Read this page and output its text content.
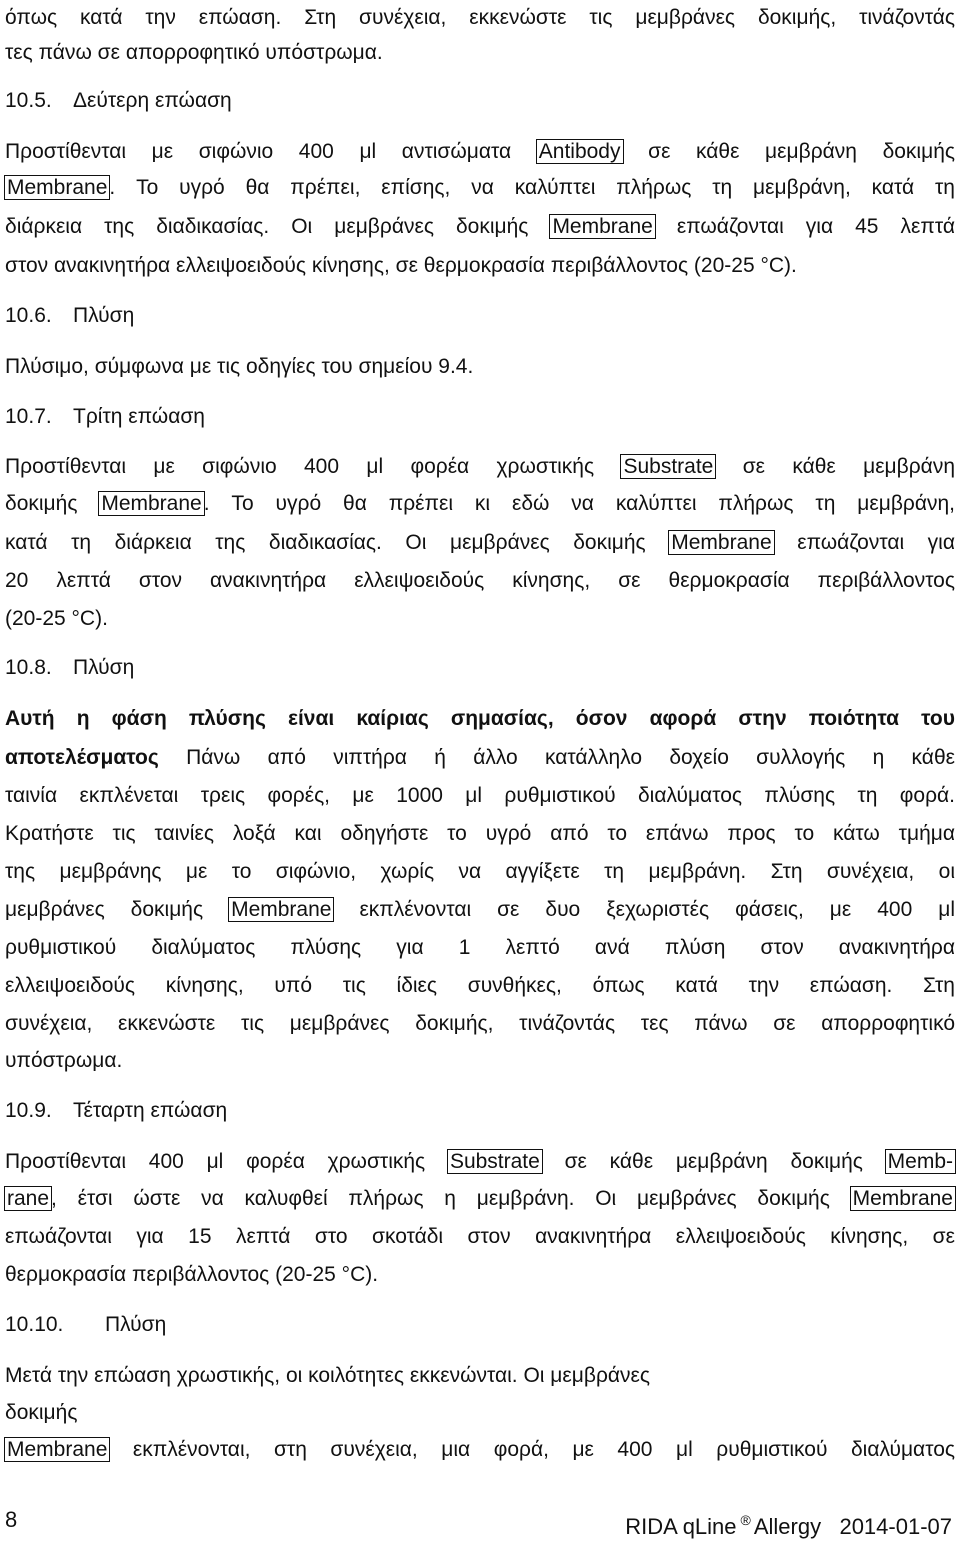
όπως κατά την επώαση. Στη συνέχεια, εκκενώστε τις μεμβράνες δοκιμής, τινάζοντάς
τες πάνω σε απορροφητικό υπόστρωμα.
10.5. Δεύτερη επώαση
Προστίθενται με σιφώνιο 400 μl αντισώματα Antibody σε κάθε μεμβράνη δοκιμής
Membrane. Το υγρό θα πρέπει, επίσης, να καλύπτει πλήρως τη μεμβράνη, κατά τη
διάρκεια της διαδικασίας. Οι μεμβράνες δοκιμής Membrane επωάζονται για 45 λεπτά
στον ανακινητήρα ελλειψοειδούς κίνησης, σε θερμοκρασία περιβάλλοντος (20-25 °C).
10.6. Πλύση
Πλύσιμο, σύμφωνα με τις οδηγίες του σημείου 9.4.
10.7. Τρίτη επώαση
Προστίθενται με σιφώνιο 400 μl φορέα χρωστικής Substrate σε κάθε μεμβράνη
δοκιμής Membrane. Το υγρό θα πρέπει κι εδώ να καλύπτει πλήρως τη μεμβράνη,
κατά τη διάρκεια της διαδικασίας. Οι μεμβράνες δοκιμής Membrane επωάζονται για
20 λεπτά στον ανακινητήρα ελλειψοειδούς κίνησης, σε θερμοκρασία περιβάλλοντος
(20-25 °C).
10.8. Πλύση
Αυτή η φάση πλύσης είναι καίριας σημασίας, όσον αφορά στην ποιότητα του
αποτελέσματος Πάνω από νιπτήρα ή άλλο κατάλληλο δοχείο συλλογής η κάθε
ταινία εκπλένεται τρεις φορές, με 1000 μl ρυθμιστικού διαλύματος πλύσης τη φορά.
Κρατήστε τις ταινίες λοξά και οδηγήστε το υγρό από το επάνω προς το κάτω τμήμα
της μεμβράνης με το σιφώνιο, χωρίς να αγγίξετε τη μεμβράνη. Στη συνέχεια, οι
μεμβράνες δοκιμής Membrane εκπλένονται σε δυο ξεχωριστές φάσεις, με 400 μl
ρυθμιστικού διαλύματος πλύσης για 1 λεπτό ανά πλύση στον ανακινητήρα
ελλειψοειδούς κίνησης, υπό τις ίδιες συνθήκες, όπως κατά την επώαση. Στη
συνέχεια, εκκενώστε τις μεμβράνες δοκιμής, τινάζοντάς τες πάνω σε απορροφητικό
υπόστρωμα.
10.9. Τέταρτη επώαση
Προστίθενται 400 μl φορέα χρωστικής Substrate σε κάθε μεμβράνη δοκιμής Memb-
rane, έτσι ώστε να καλυφθεί πλήρως η μεμβράνη. Οι μεμβράνες δοκιμής Membrane
επωάζονται για 15 λεπτά στο σκοτάδι στον ανακινητήρα ελλειψοειδούς κίνησης, σε
θερμοκρασία περιβάλλοντος (20-25 °C).
10.10. Πλύση
Μετά την επώαση χρωστικής, οι κοιλότητες εκκενώνται. Οι μεμβράνες
δοκιμής
Membrane εκπλένονται, στη συνέχεια, μια φορά, με 400 μl ρυθμιστικού διαλύματος
8	RIDA qLine ® Allergy 2014-01-07
